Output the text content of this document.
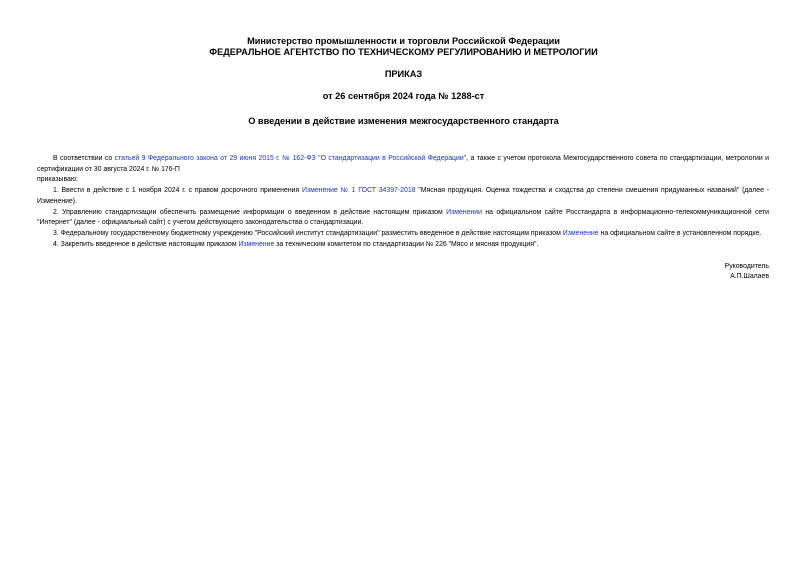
Министерство промышленности и торговли Российской Федерации
ФЕДЕРАЛЬНОЕ АГЕНТСТВО ПО ТЕХНИЧЕСКОМУ РЕГУЛИРОВАНИЮ И МЕТРОЛОГИИ
ПРИКАЗ
от 26 сентября 2024 года № 1288-ст
О введении в действие изменения межгосударственного стандарта

В соответствии со статьей 9 Федерального закона от 29 июня 2015 г. № 162-ФЗ "О стандартизации в Российской Федерации", а также с учетом протокола Межгосударственного совета по стандартизации, метрологии и сертификации от 30 августа 2024 г. № 176-П

приказываю:

1. Ввести в действие с 1 ноября 2024 г. с правом досрочного применения Изменение № 1 ГОСТ 34397-2018 "Мясная продукция. Оценка тождества и сходства до степени смешения придуманных названий" (далее - Изменение).

2. Управлению стандартизации обеспечить размещение информации о введенном в действие настоящим приказом Изменении на официальном сайте Росстандарта в информационно-телекоммуникационной сети "Интернет" (далее - официальный сайт) с учетом действующего законодательства о стандартизации.

3. Федеральному государственному бюджетному учреждению "Российский институт стандартизации" разместить введенное в действие настоящим приказом Изменение на официальном сайте в установленном порядке.

4. Закрепить введенное в действие настоящим приказом Изменение за техническим комитетом по стандартизации № 226 "Мясо и мясная продукция".

Руководитель
А.П.Шалаев
